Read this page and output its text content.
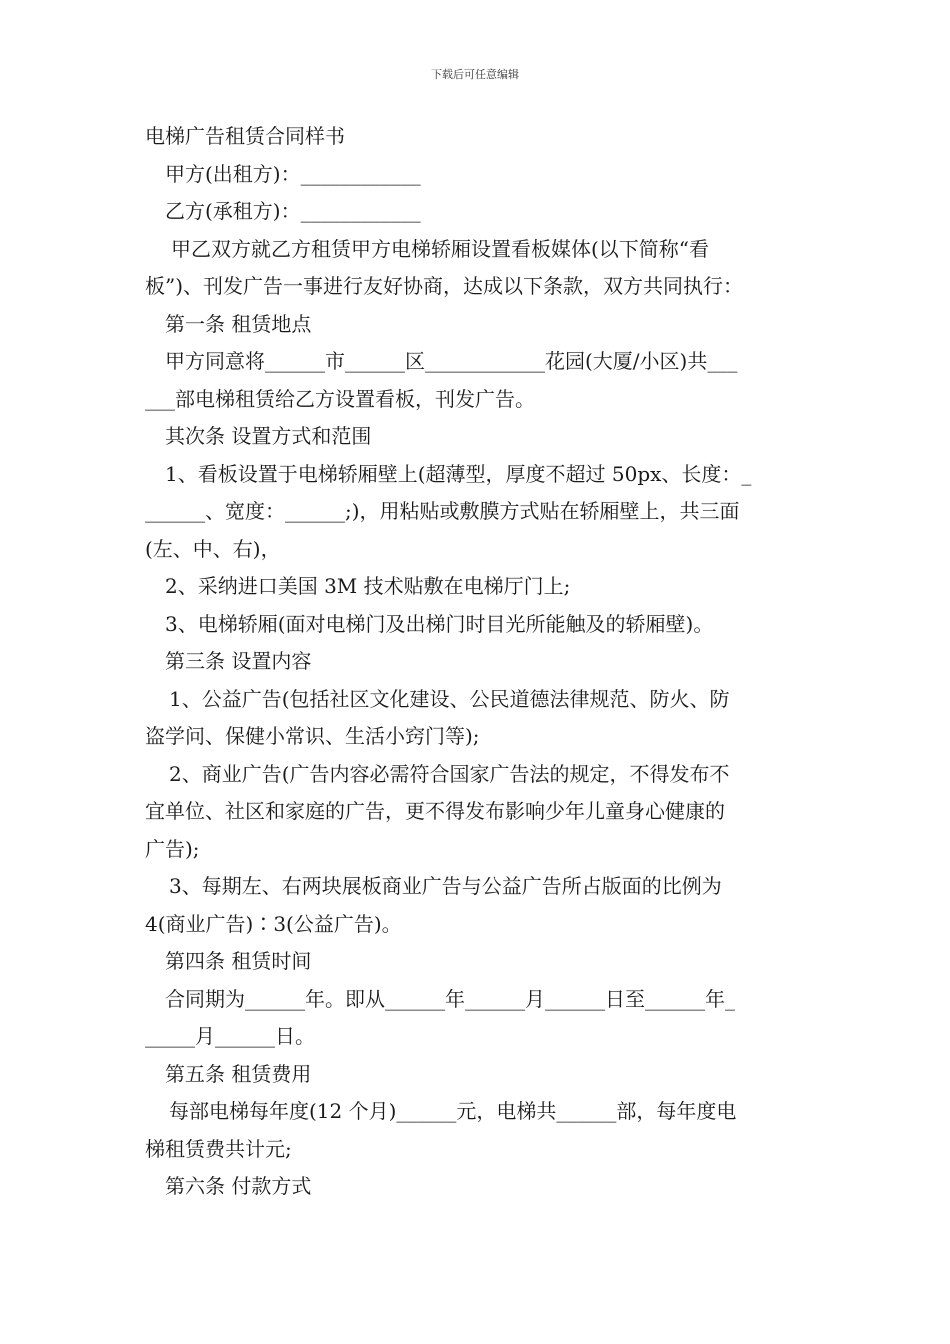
下载后可任意编辑
电梯广告租赁合同样书
甲方(出租方)：____________
乙方(承租方)：____________
甲乙双方就乙方租赁甲方电梯轿厢设置看板媒体(以下简称“看
板”)、刊发广告一事进行友好协商，达成以下条款，双方共同执行：
第一条 租赁地点
甲方同意将______市______区____________花园(大厦/小区)共___
___部电梯租赁给乙方设置看板，刊发广告。
其次条 设置方式和范围
1、看板设置于电梯轿厢壁上(超薄型，厚度不超过 50px、长度：_
______、宽度：______;)，用粘贴或敷膜方式贴在轿厢壁上，共三面
(左、中、右)，
2、采纳进口美国 3M 技术贴敷在电梯厅门上;
3、电梯轿厢(面对电梯门及出梯门时目光所能触及的轿厢壁)。
第三条 设置内容
1、公益广告(包括社区文化建设、公民道德法律规范、防火、防
盗学问、保健小常识、生活小窍门等);
2、商业广告(广告内容必需符合国家广告法的规定，不得发布不
宜单位、社区和家庭的广告，更不得发布影响少年儿童身心健康的
广告);
3、每期左、右两块展板商业广告与公益广告所占版面的比例为
4(商业广告)∶3(公益广告)。
第四条 租赁时间
合同期为______年。即从______年______月______日至______年_
_____月______日。
第五条 租赁费用
每部电梯每年度(12 个月)______元，电梯共______部，每年度电
梯租赁费共计元;
第六条 付款方式
